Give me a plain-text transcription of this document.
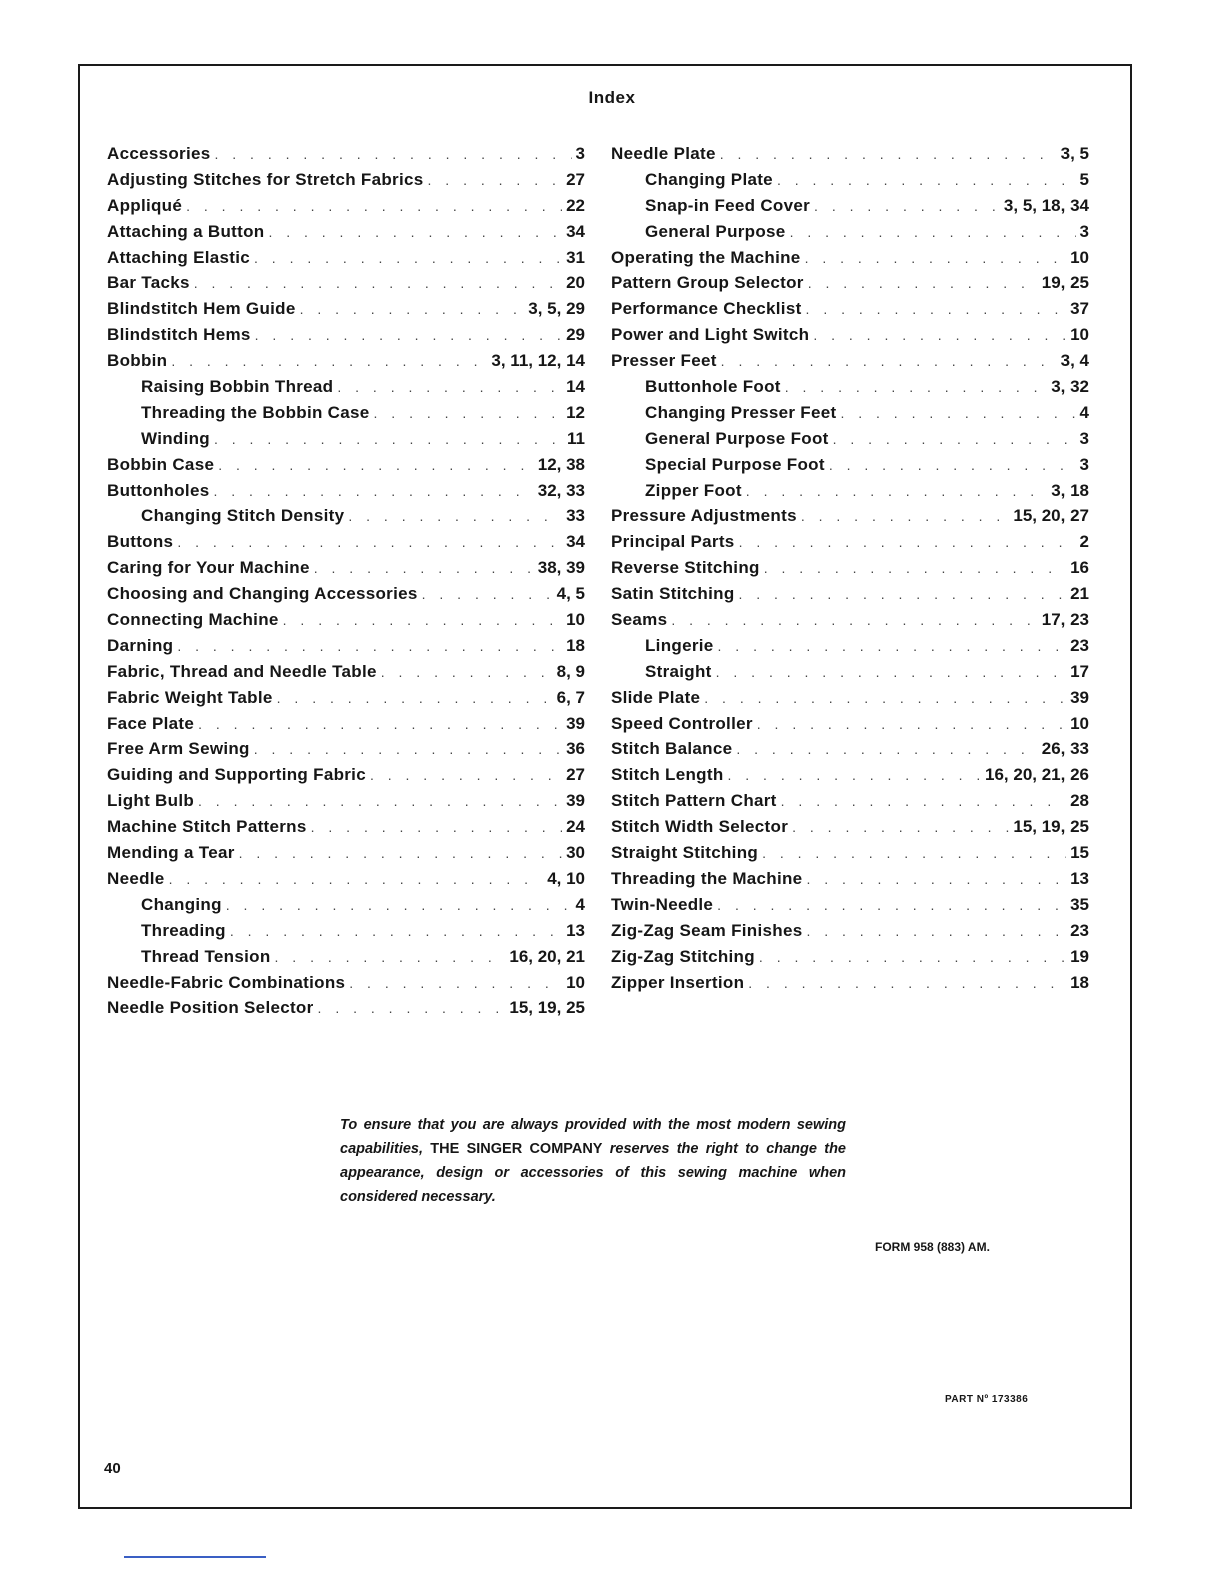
Index
Accessories . . .	3
Adjusting Stitches for Stretch Fabrics . . .	27
Appliqué . . .	22
Attaching a Button . . .	34
Attaching Elastic . . .	31
Bar Tacks . . .	20
Blindstitch Hem Guide . . .	3, 5, 29
Blindstitch Hems . . .	29
Bobbin . . .	3, 11, 12, 14
Raising Bobbin Thread . . .	14
Threading the Bobbin Case . . .	12
Winding . . .	11
Bobbin Case . . .	12, 38
Buttonholes . . .	32, 33
Changing Stitch Density . . .	33
Buttons . . .	34
Caring for Your Machine . . .	38, 39
Choosing and Changing Accessories . . .	4, 5
Connecting Machine . . .	10
Darning . . .	18
Fabric, Thread and Needle Table . . .	8, 9
Fabric Weight Table . . .	6, 7
Face Plate . . .	39
Free Arm Sewing . . .	36
Guiding and Supporting Fabric . . .	27
Light Bulb . . .	39
Machine Stitch Patterns . . .	24
Mending a Tear . . .	30
Needle . . .	4, 10
Changing . . .	4
Threading . . .	13
Thread Tension . . .	16, 20, 21
Needle-Fabric Combinations . . .	10
Needle Position Selector . . .	15, 19, 25
Needle Plate . . .	3, 5
Changing Plate . . .	5
Snap-in Feed Cover . . .	3, 5, 18, 34
General Purpose . . .	3
Operating the Machine . . .	10
Pattern Group Selector . . .	19, 25
Performance Checklist . . .	37
Power and Light Switch . . .	10
Presser Feet . . .	3, 4
Buttonhole Foot . . .	3, 32
Changing Presser Feet . . .	4
General Purpose Foot . . .	3
Special Purpose Foot . . .	3
Zipper Foot . . .	3, 18
Pressure Adjustments . . .	15, 20, 27
Principal Parts . . .	2
Reverse Stitching . . .	16
Satin Stitching . . .	21
Seams . . .	17, 23
Lingerie . . .	23
Straight . . .	17
Slide Plate . . .	39
Speed Controller . . .	10
Stitch Balance . . .	26, 33
Stitch Length . . .	16, 20, 21, 26
Stitch Pattern Chart . . .	28
Stitch Width Selector . . .	15, 19, 25
Straight Stitching . . .	15
Threading the Machine . . .	13
Twin-Needle . . .	35
Zig-Zag Seam Finishes . . .	23
Zig-Zag Stitching . . .	19
Zipper Insertion . . .	18
To ensure that you are always provided with the most modern sewing capabilities, THE SINGER COMPANY reserves the right to change the appearance, design or accessories of this sewing machine when considered necessary.
FORM 958 (883) AM.
PART Nº 173386
40
